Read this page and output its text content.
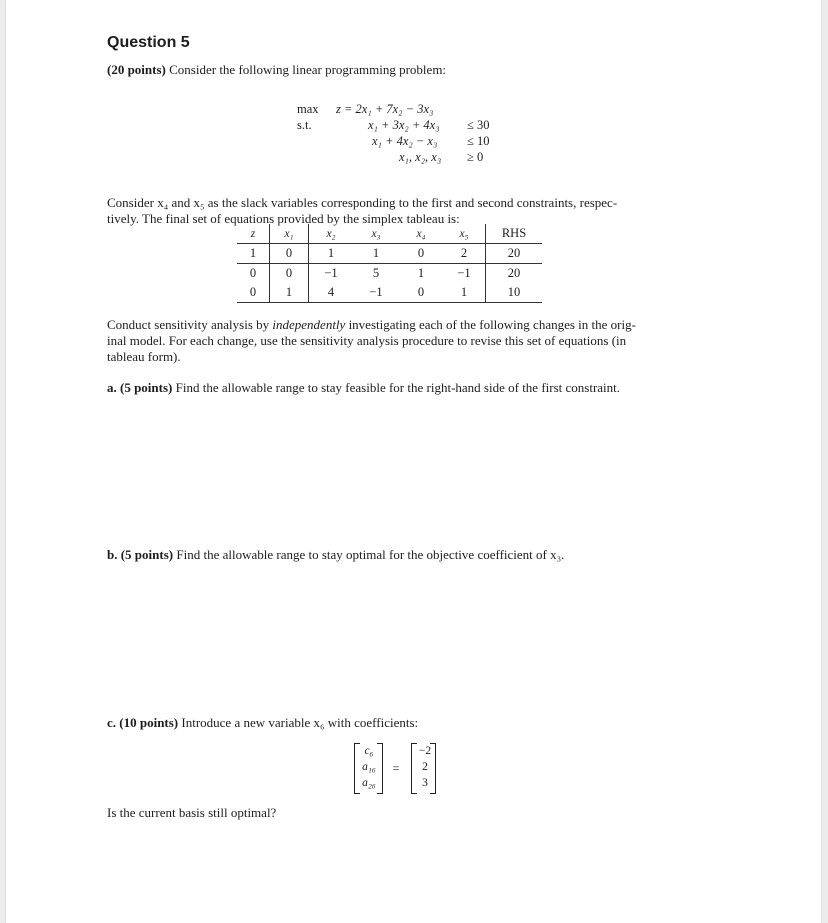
Question 5
(20 points) Consider the following linear programming problem:
max z = 2x₁ + 7x₂ − 3x₃
s.t.	x₁ + 3x₂ + 4x₃ ≤ 30
x₁ + 4x₂ − x₃ ≤ 10
x₁, x₂, x₃ ≥ 0
Consider x₄ and x₅ as the slack variables corresponding to the first and second constraints, respec-
tively. The final set of equations provided by the simplex tableau is:
z	x₁	x₂	x₃	x₄	x₅	RHS
1	0	1	1	0	2	20
0	0	−1	5	1	−1	20
0	1	4	−1	0	1	10
Conduct sensitivity analysis by independently investigating each of the following changes in the orig-
inal model. For each change, use the sensitivity analysis procedure to revise this set of equations (in
tableau form).
a. (5 points) Find the allowable range to stay feasible for the right-hand side of the first constraint.
b. (5 points) Find the allowable range to stay optimal for the objective coefficient of x₃.
c. (10 points) Introduce a new variable x₆ with coefficients:
c₆
a₁₆
a₂₆
=
−2
2
3
Is the current basis still optimal?
